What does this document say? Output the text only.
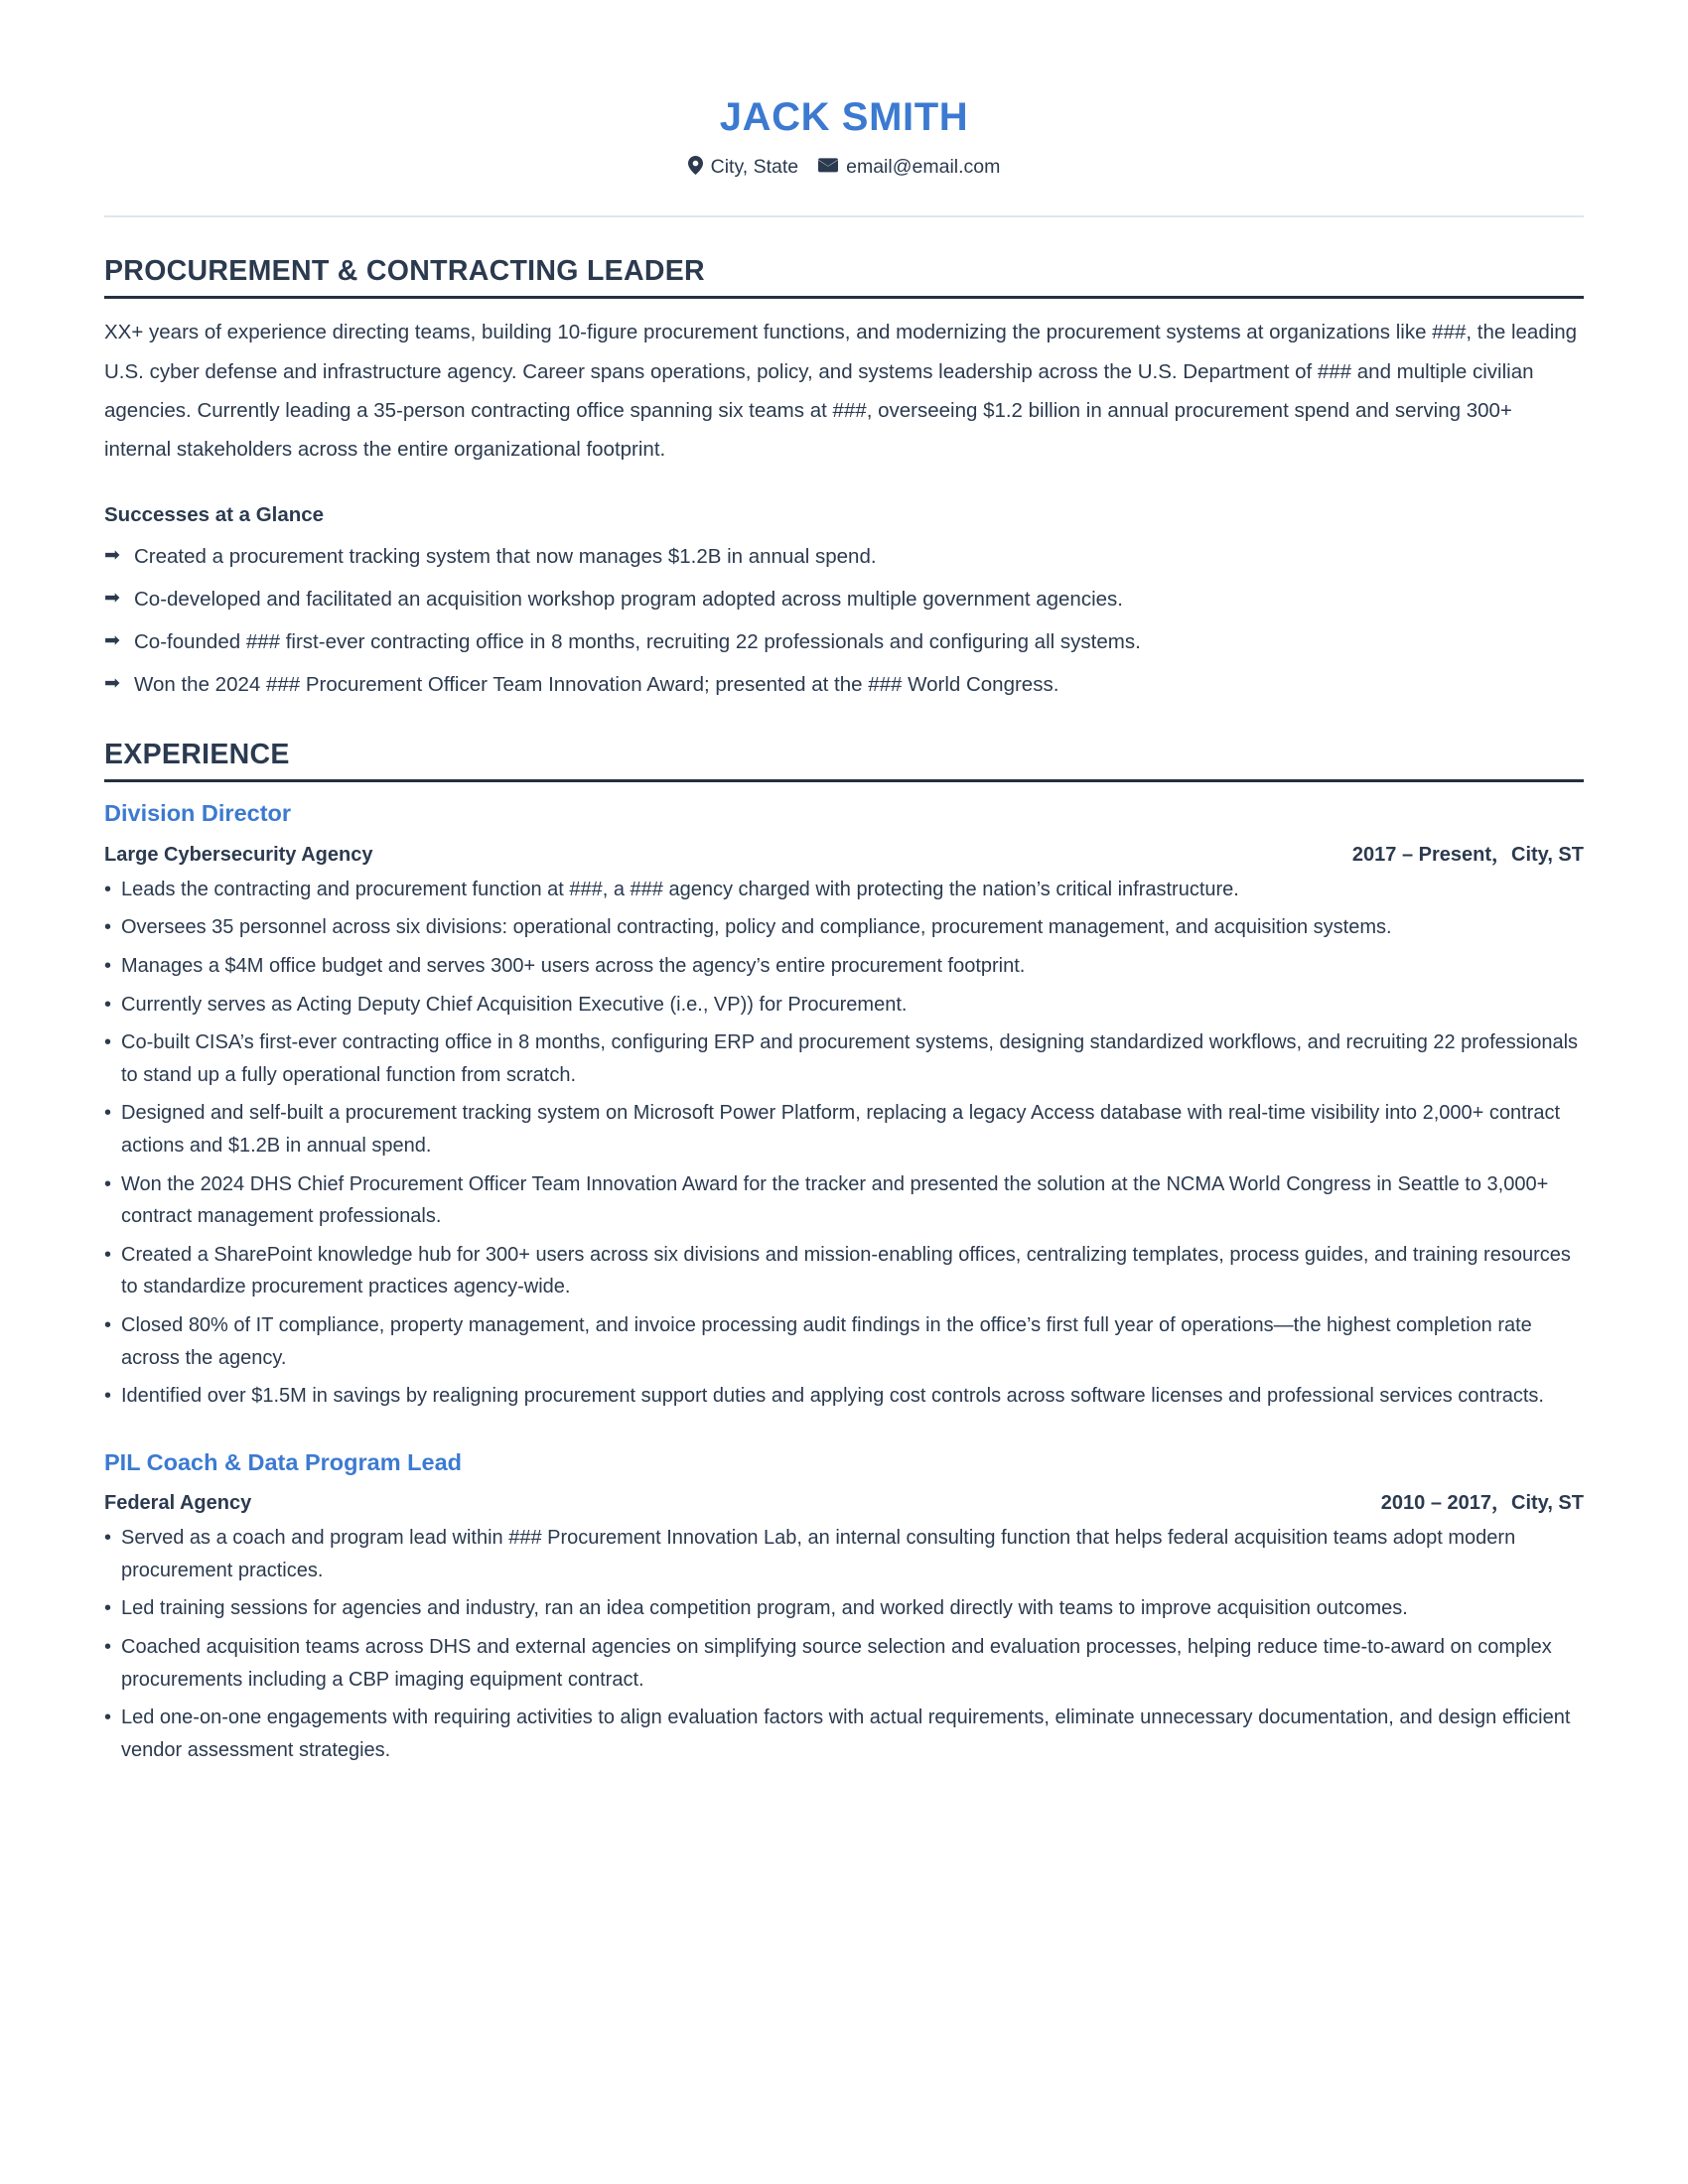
JACK SMITH
City, State email@email.com
PROCUREMENT & CONTRACTING LEADER

XX+ years of experience directing teams, building 10-figure procurement functions, and modernizing the procurement systems at organizations like ###, the leading U.S. cyber defense and infrastructure agency. Career spans operations, policy, and systems leadership across the U.S. Department of ### and multiple civilian agencies. Currently leading a 35-person contracting office spanning six teams at ###, overseeing $1.2 billion in annual procurement spend and serving 300+ internal stakeholders across the entire organizational footprint.

Successes at a Glance

➡ Created a procurement tracking system that now manages $1.2B in annual spend.
➡ Co-developed and facilitated an acquisition workshop program adopted across multiple government agencies.
➡ Co-founded ### first-ever contracting office in 8 months, recruiting 22 professionals and configuring all systems.
➡ Won the 2024 ### Procurement Officer Team Innovation Award; presented at the ### World Congress.
EXPERIENCE
Division Director
Large Cybersecurity Agency	2017 – Present，City, ST
• Leads the contracting and procurement function at ###, a ### agency charged with protecting the nation’s critical infrastructure.
• Oversees 35 personnel across six divisions: operational contracting, policy and compliance, procurement management, and acquisition systems.
• Manages a $4M office budget and serves 300+ users across the agency’s entire procurement footprint.
• Currently serves as Acting Deputy Chief Acquisition Executive (i.e., VP)) for Procurement.
• Co-built CISA’s first-ever contracting office in 8 months, configuring ERP and procurement systems, designing standardized workflows, and recruiting 22 professionals to stand up a fully operational function from scratch.
• Designed and self-built a procurement tracking system on Microsoft Power Platform, replacing a legacy Access database with real-time visibility into 2,000+ contract actions and $1.2B in annual spend.
• Won the 2024 DHS Chief Procurement Officer Team Innovation Award for the tracker and presented the solution at the NCMA World Congress in Seattle to 3,000+ contract management professionals.
• Created a SharePoint knowledge hub for 300+ users across six divisions and mission-enabling offices, centralizing templates, process guides, and training resources to standardize procurement practices agency-wide.
• Closed 80% of IT compliance, property management, and invoice processing audit findings in the office’s first full year of operations—the highest completion rate across the agency.
• Identified over $1.5M in savings by realigning procurement support duties and applying cost controls across software licenses and professional services contracts.
PIL Coach & Data Program Lead
Federal Agency	2010 – 2017，City, ST
• Served as a coach and program lead within ### Procurement Innovation Lab, an internal consulting function that helps federal acquisition teams adopt modern procurement practices.
• Led training sessions for agencies and industry, ran an idea competition program, and worked directly with teams to improve acquisition outcomes.
• Coached acquisition teams across DHS and external agencies on simplifying source selection and evaluation processes, helping reduce time-to-award on complex procurements including a CBP imaging equipment contract.
• Led one-on-one engagements with requiring activities to align evaluation factors with actual requirements, eliminate unnecessary documentation, and design efficient vendor assessment strategies.
